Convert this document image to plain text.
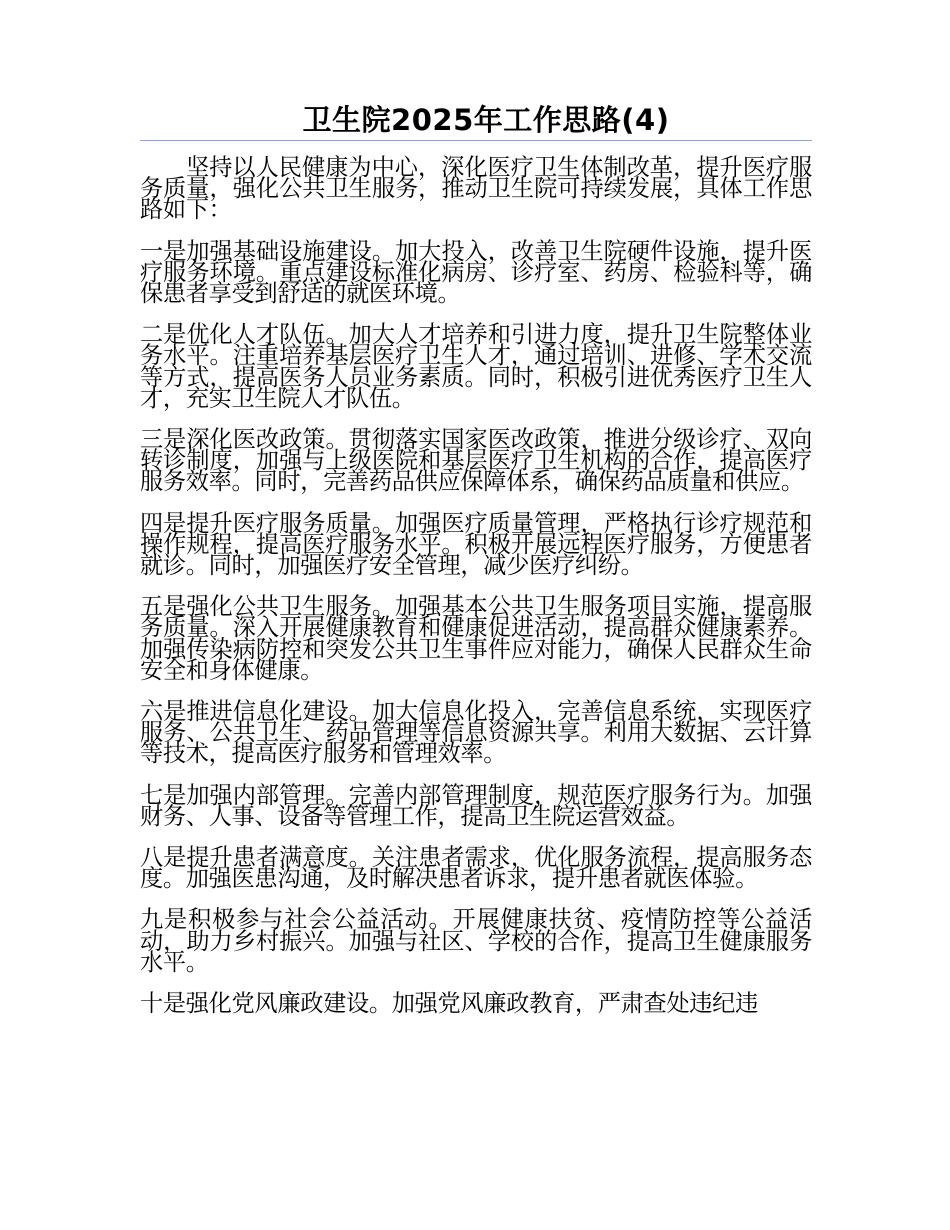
卫生院2025年工作思路(4)

坚持以人民健康为中心，深化医疗卫生体制改革，提升医疗服务质量，强化公共卫生服务，推动卫生院可持续发展，具体工作思路如下：

一是加强基础设施建设。加大投入，改善卫生院硬件设施，提升医疗服务环境。重点建设标准化病房、诊疗室、药房、检验科等，确保患者享受到舒适的就医环境。

二是优化人才队伍。加大人才培养和引进力度，提升卫生院整体业务水平。注重培养基层医疗卫生人才，通过培训、进修、学术交流等方式，提高医务人员业务素质。同时，积极引进优秀医疗卫生人才，充实卫生院人才队伍。

三是深化医改政策。贯彻落实国家医改政策，推进分级诊疗、双向转诊制度，加强与上级医院和基层医疗卫生机构的合作，提高医疗服务效率。同时，完善药品供应保障体系，确保药品质量和供应。

四是提升医疗服务质量。加强医疗质量管理，严格执行诊疗规范和操作规程，提高医疗服务水平。积极开展远程医疗服务，方便患者就诊。同时，加强医疗安全管理，减少医疗纠纷。

五是强化公共卫生服务。加强基本公共卫生服务项目实施，提高服务质量。深入开展健康教育和健康促进活动，提高群众健康素养。加强传染病防控和突发公共卫生事件应对能力，确保人民群众生命安全和身体健康。

六是推进信息化建设。加大信息化投入，完善信息系统，实现医疗服务、公共卫生、药品管理等信息资源共享。利用大数据、云计算等技术，提高医疗服务和管理效率。

七是加强内部管理。完善内部管理制度，规范医疗服务行为。加强财务、人事、设备等管理工作，提高卫生院运营效益。

八是提升患者满意度。关注患者需求，优化服务流程，提高服务态度。加强医患沟通，及时解决患者诉求，提升患者就医体验。

九是积极参与社会公益活动。开展健康扶贫、疫情防控等公益活动，助力乡村振兴。加强与社区、学校的合作，提高卫生健康服务水平。

十是强化党风廉政建设。加强党风廉政教育，严肃查处违纪违
